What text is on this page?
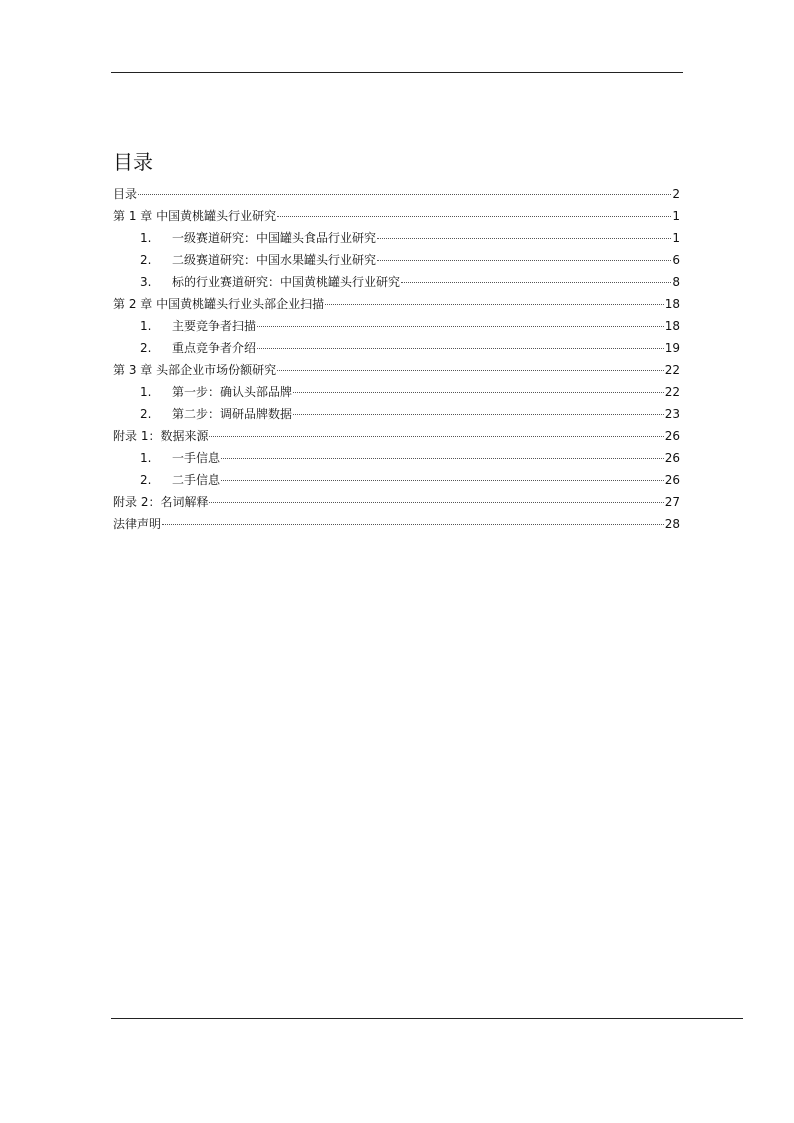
目录
目录	2
第 1 章 中国黄桃罐头行业研究	1
1.	一级赛道研究：中国罐头食品行业研究	1
2.	二级赛道研究：中国水果罐头行业研究	6
3.	标的行业赛道研究：中国黄桃罐头行业研究	8
第 2 章 中国黄桃罐头行业头部企业扫描	18
1.	主要竞争者扫描	18
2.	重点竞争者介绍	19
第 3 章 头部企业市场份额研究	22
1.	第一步：确认头部品牌	22
2.	第二步：调研品牌数据	23
附录 1：数据来源	26
1.	一手信息	26
2.	二手信息	26
附录 2：名词解释	27
法律声明	28
